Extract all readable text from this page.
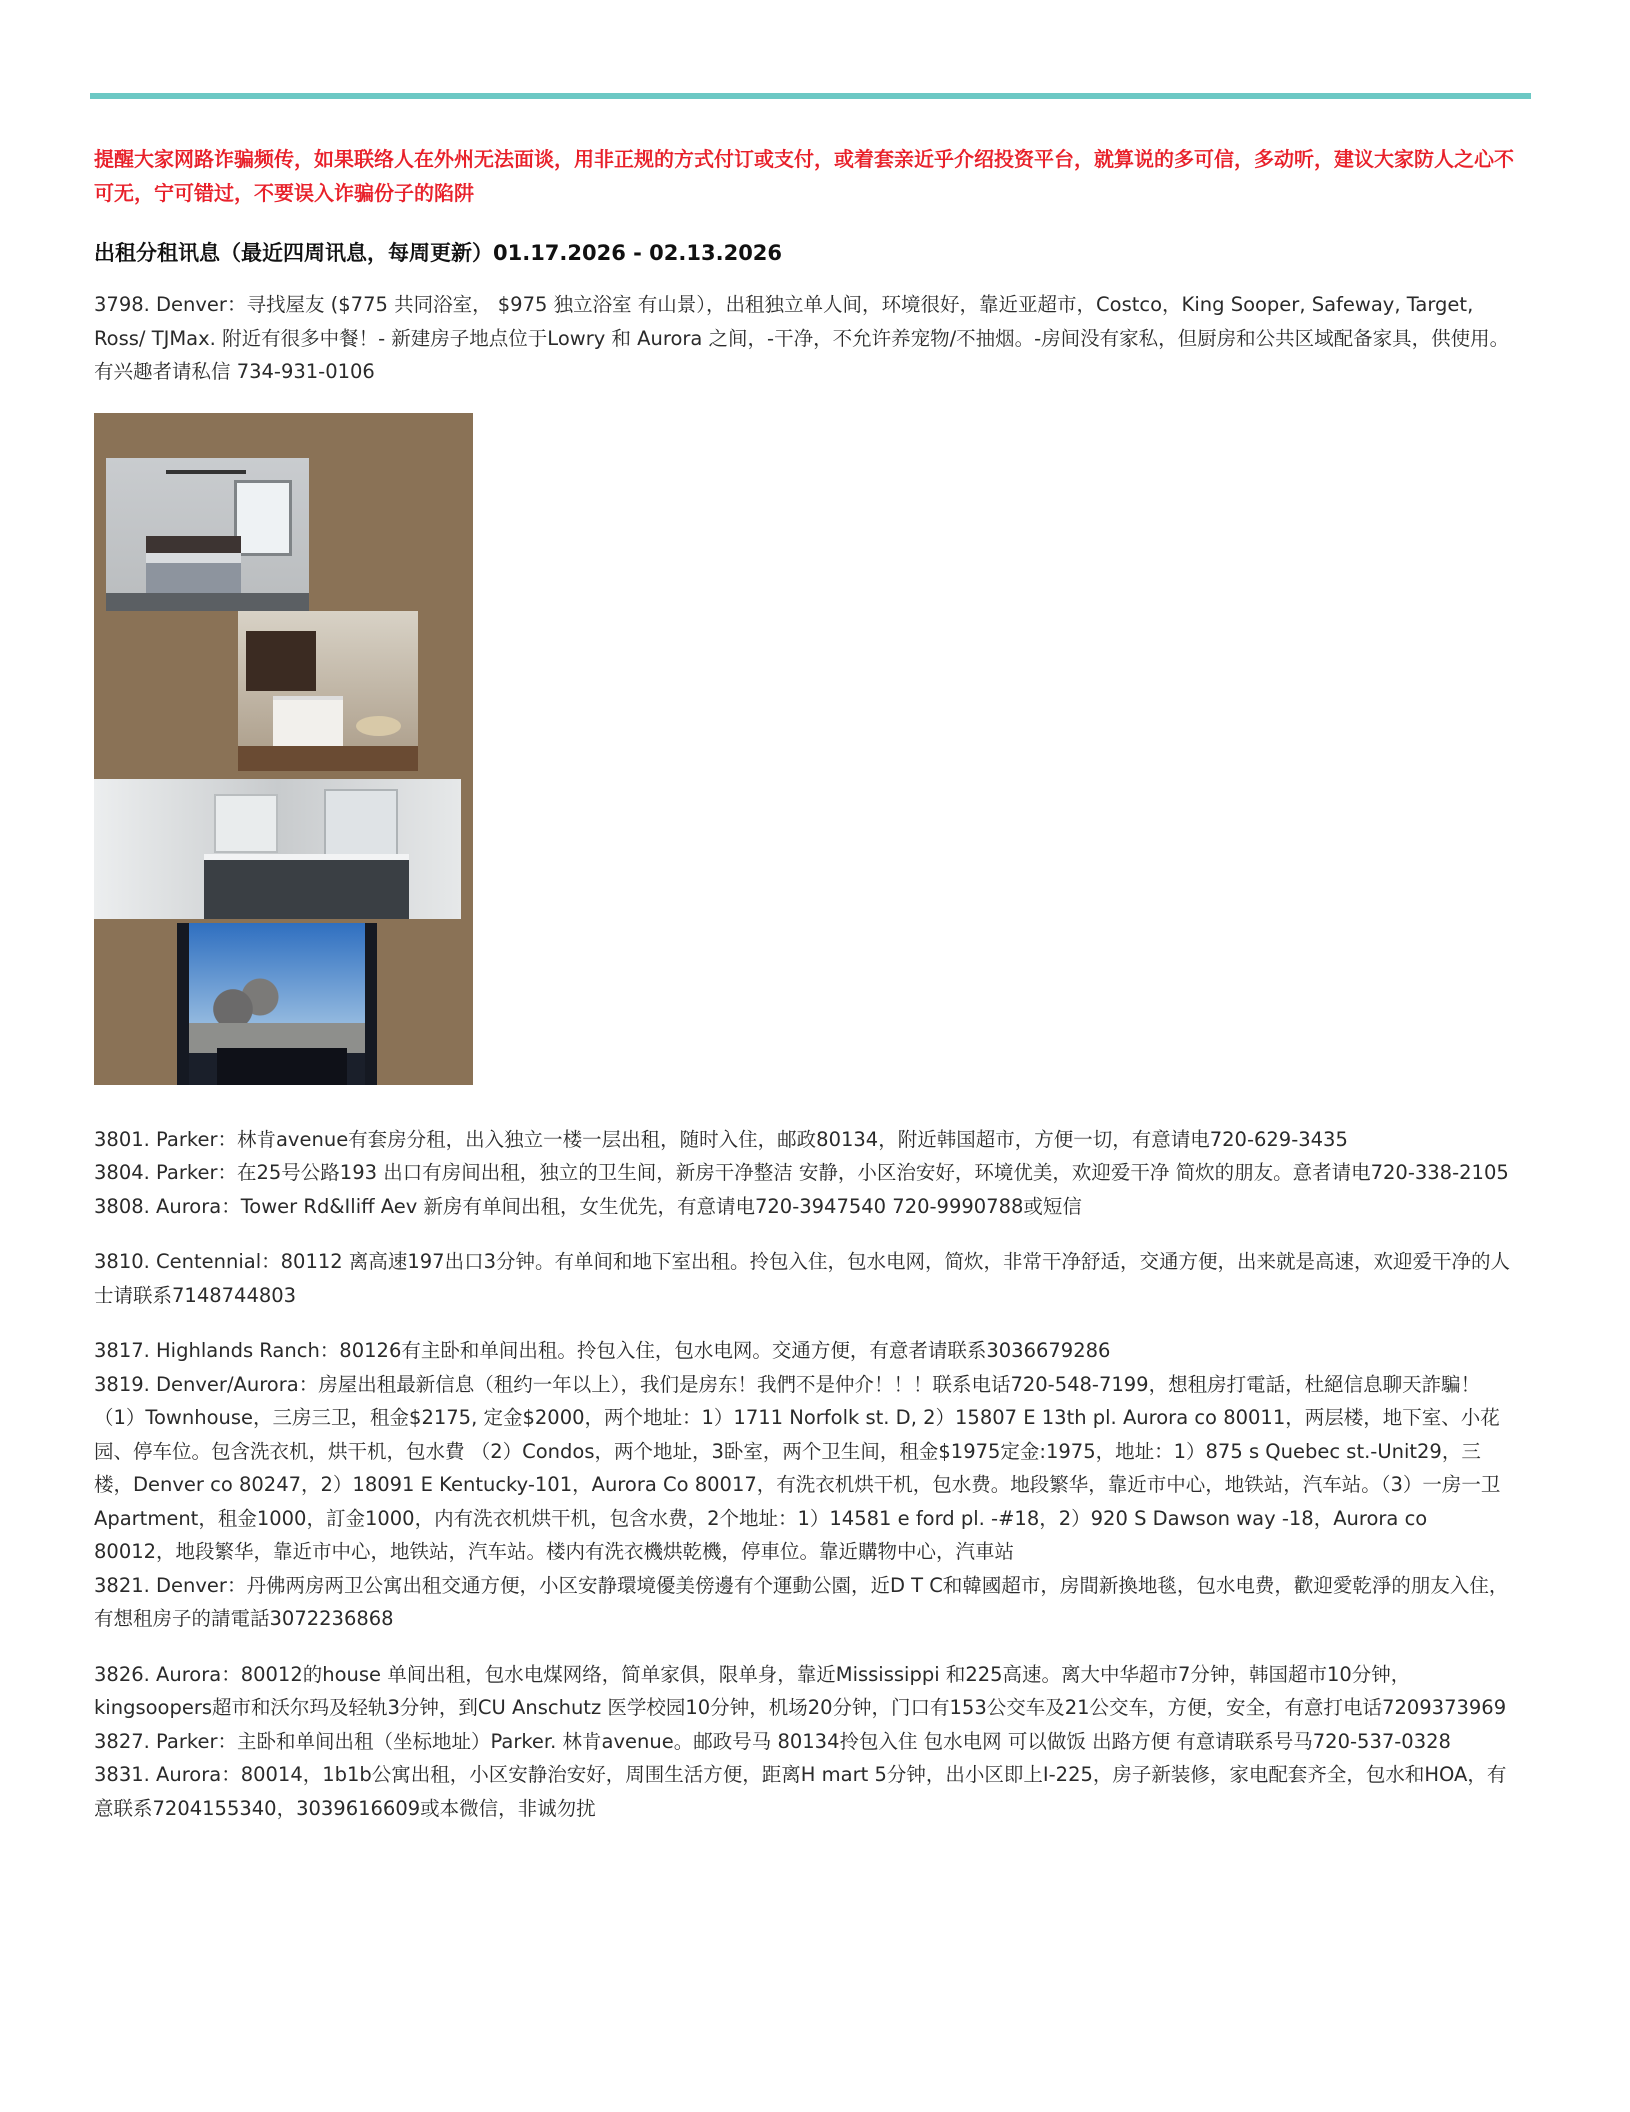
提醒大家网路诈骗频传，如果联络人在外州无法面谈，用非正规的方式付订或支付，或着套亲近乎介绍投资平台，就算说的多可信，多动听，建议大家防人之心不可无，宁可错过，不要误入诈骗份子的陷阱

出租分租讯息（最近四周讯息，每周更新）01.17.2026 - 02.13.2026

3798. Denver：寻找屋友 ($775 共同浴室， $975 独立浴室 有山景），出租独立单人间，环境很好，靠近亚超市，Costco，King Sooper, Safeway, Target, Ross/ TJMax. 附近有很多中餐！- 新建房子地点位于Lowry 和 Aurora 之间，-干净，不允许养宠物/不抽烟。-房间没有家私，但厨房和公共区域配备家具，供使用。有兴趣者请私信 734-931-0106

3801. Parker：林肯avenue有套房分租，出入独立一楼一层出租，随时入住，邮政80134，附近韩国超市，方便一切，有意请电720-629-3435

3804. Parker：在25号公路193 出口有房间出租，独立的卫生间，新房干净整洁 安静，小区治安好，环境优美，欢迎爱干净 简炊的朋友。意者请电720-338-2105

3808. Aurora：Tower Rd&Iliff Aev 新房有单间出租，女生优先，有意请电720-3947540 720-9990788或短信

3810. Centennial：80112 离高速197出口3分钟。有单间和地下室出租。拎包入住，包水电网，简炊，非常干净舒适，交通方便，出来就是高速，欢迎爱干净的人士请联系7148744803

3817. Highlands Ranch：80126有主卧和单间出租。拎包入住，包水电网。交通方便，有意者请联系3036679286

3819. Denver/Aurora：房屋出租最新信息（租约一年以上），我们是房东！我們不是仲介！！！联系电话720-548-7199，想租房打電話，杜絕信息聊天詐騙！（1）Townhouse，三房三卫，租金$2175, 定金$2000，两个地址：1）1711 Norfolk st. D, 2）15807 E 13th pl. Aurora co 80011，两层楼，地下室、小花园、停车位。包含洗衣机，烘干机，包水費 （2）Condos，两个地址，3卧室，两个卫生间，租金$1975定金:1975，地址：1）875 s Quebec st.-Unit29，三楼，Denver co 80247，2）18091 E Kentucky-101，Aurora Co 80017，有洗衣机烘干机，包水费。地段繁华，靠近市中心，地铁站，汽车站。（3）一房一卫Apartment，租金1000，訂金1000，内有洗衣机烘干机，包含水费，2个地址：1）14581 e ford pl. -#18，2）920 S Dawson way -18，Aurora co 80012，地段繁华，靠近市中心，地铁站，汽车站。楼内有洗衣機烘乾機，停車位。靠近購物中心，汽車站

3821. Denver：丹佛两房两卫公寓出租交通方便，小区安静環境優美傍邊有个運動公園，近D T C和韓國超市，房間新換地毯，包水电费，歡迎愛乾淨的朋友入住，有想租房子的請電話3072236868

3826. Aurora：80012的house 单间出租，包水电煤网络，简单家俱，限单身，靠近Mississippi 和225高速。离大中华超市7分钟，韩国超市10分钟，kingsoopers超市和沃尔玛及轻轨3分钟，到CU Anschutz 医学校园10分钟，机场20分钟，门口有153公交车及21公交车，方便，安全，有意打电话7209373969

3827. Parker：主卧和单间出租（坐标地址）Parker. 林肯avenue。邮政号马 80134拎包入住 包水电网 可以做饭 出路方便 有意请联系号马720-537-0328

3831. Aurora：80014，1b1b公寓出租，小区安静治安好，周围生活方便，距离H mart 5分钟，出小区即上I-225，房子新装修，家电配套齐全，包水和HOA，有意联系7204155340，3039616609或本微信，非诚勿扰
